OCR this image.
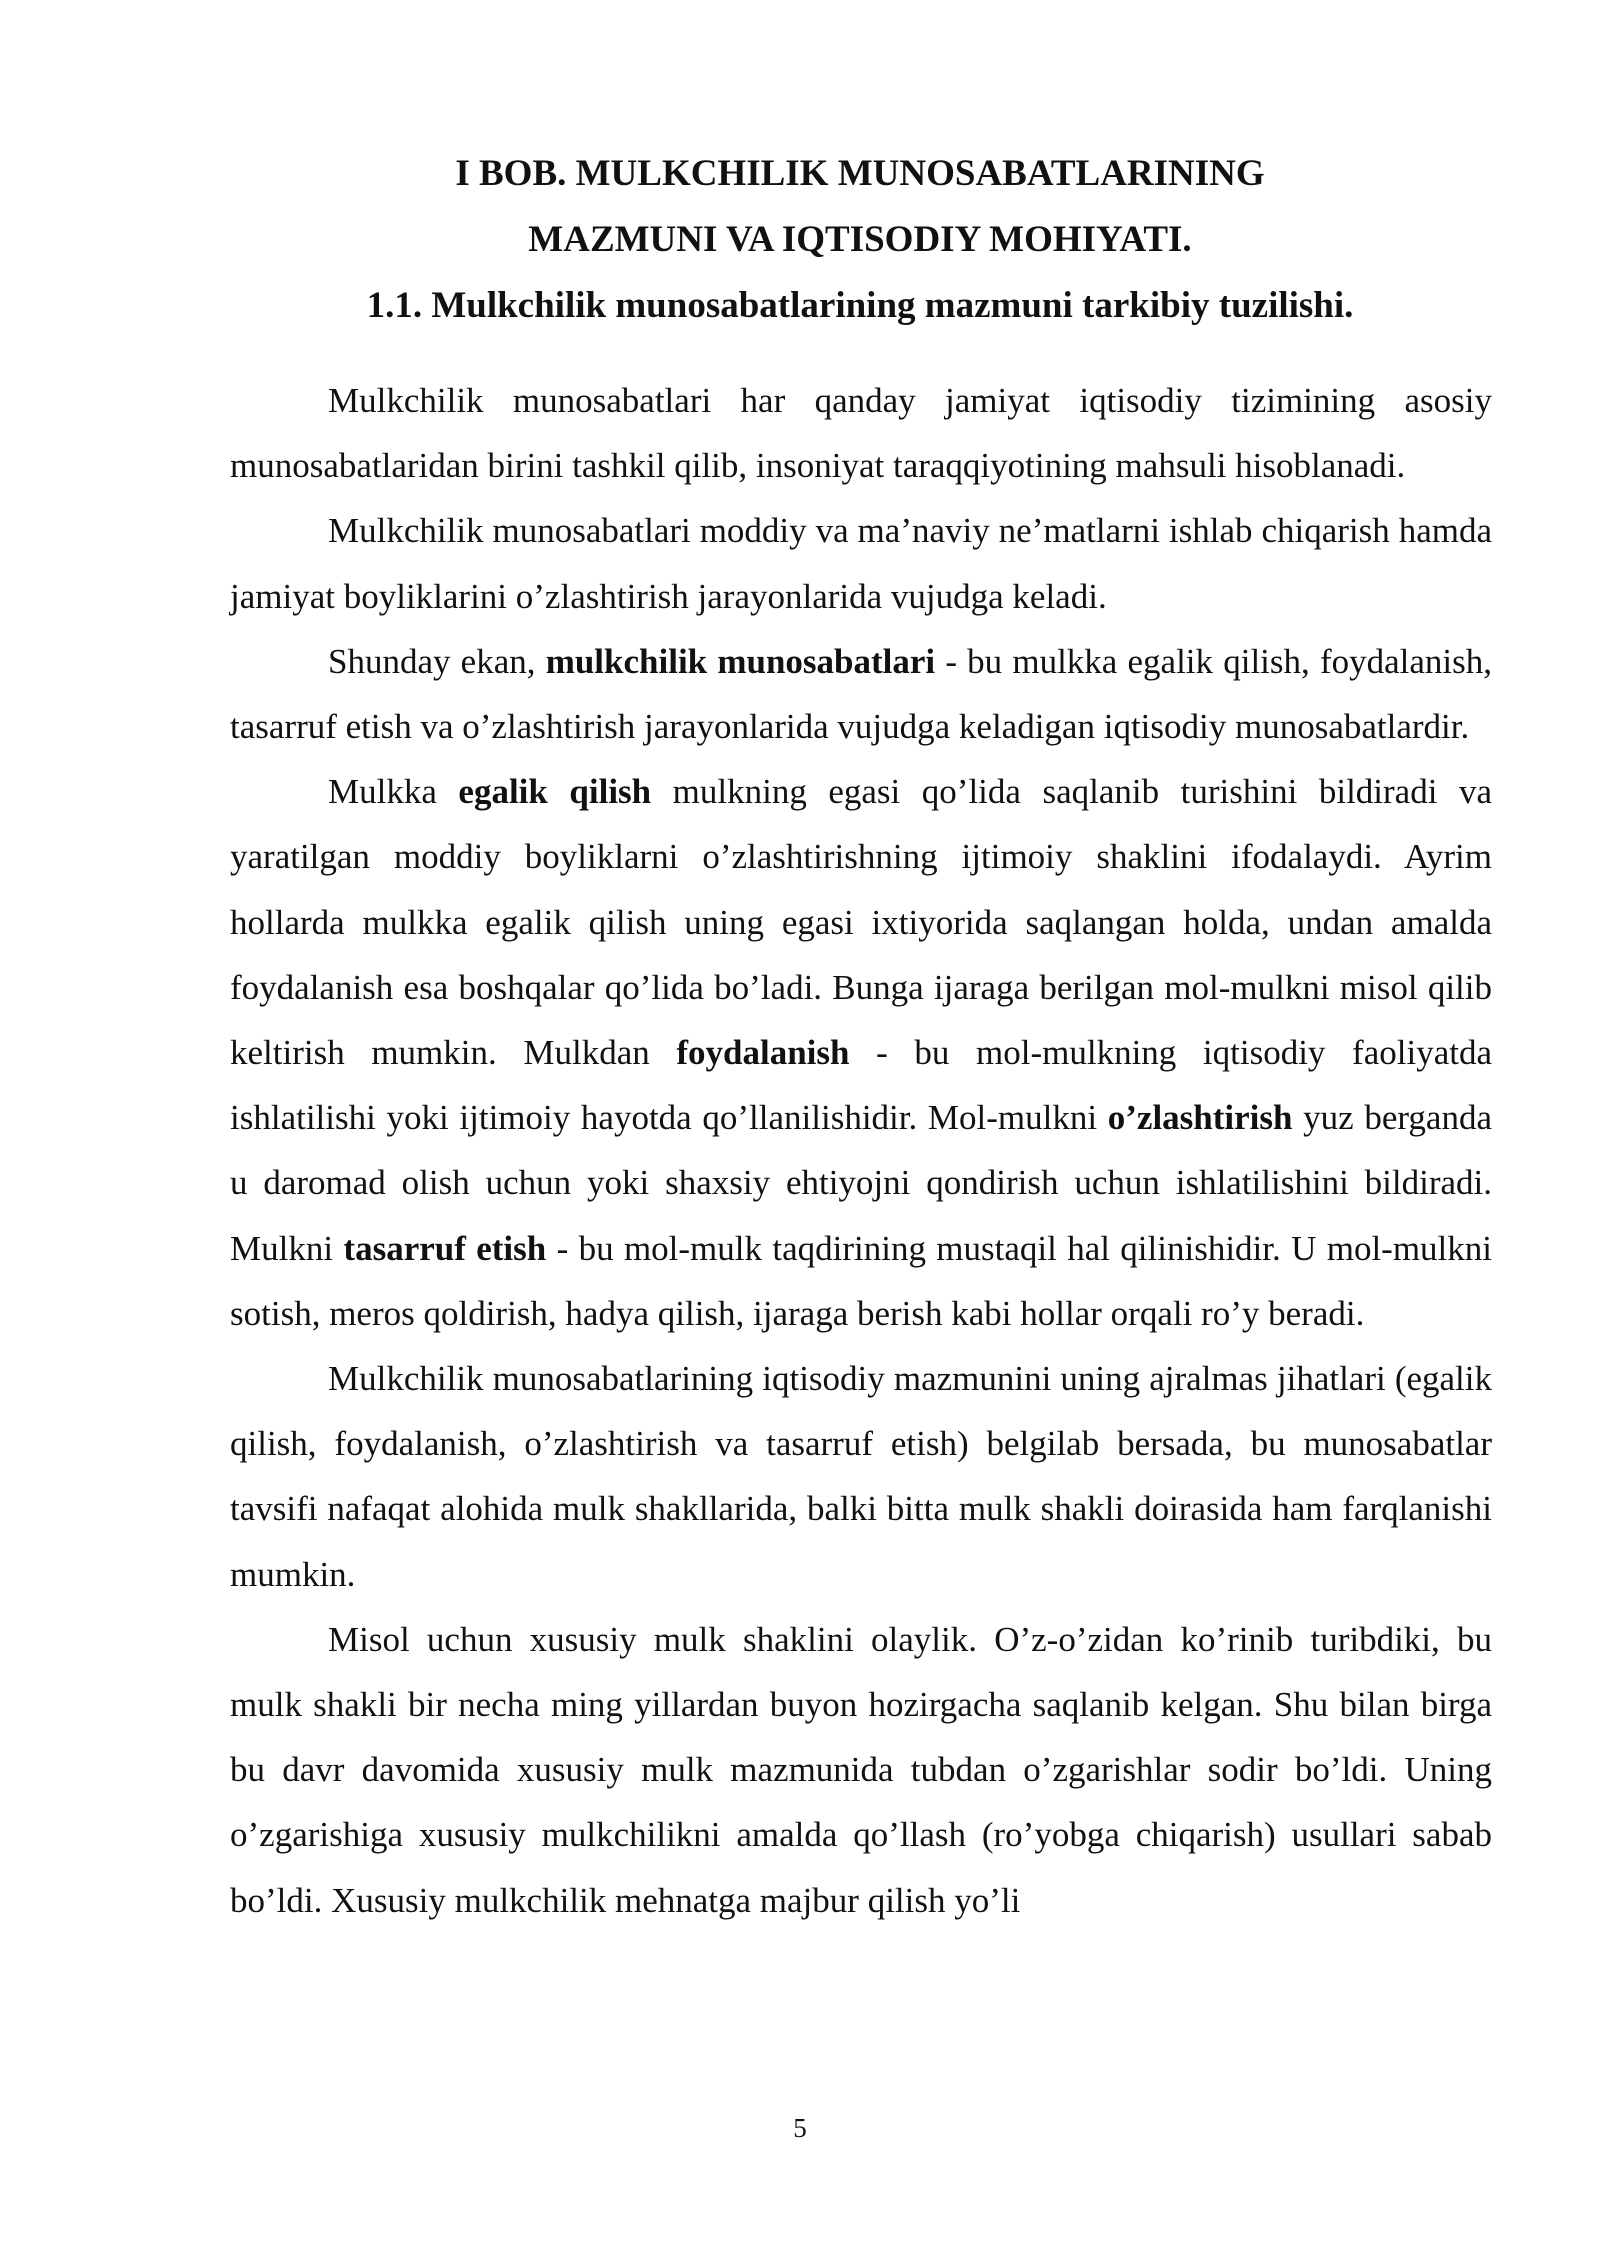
I BOB. MULKCHILIK MUNOSABATLARINING
MAZMUNI VA IQTISODIY MOHIYATI.
1.1. Mulkchilik munosabatlarining mazmuni tarkibiy tuzilishi.

Mulkchilik munosabatlari har qanday jamiyat iqtisodiy tizimining asosiy munosabatlaridan birini tashkil qilib, insoniyat taraqqiyotining mahsuli hisoblanadi.

Mulkchilik munosabatlari moddiy va ma’naviy ne’matlarni ishlab chiqarish hamda jamiyat boyliklarini o’zlashtirish jarayonlarida vujudga keladi.

Shunday ekan, mulkchilik munosabatlari - bu mulkka egalik qilish, foydalanish, tasarruf etish va o’zlashtirish jarayonlarida vujudga keladigan iqtisodiy munosabatlardir.

Mulkka egalik qilish mulkning egasi qo’lida saqlanib turishini bildiradi va yaratilgan moddiy boyliklarni o’zlashtirishning ijtimoiy shaklini ifodalaydi. Ayrim hollarda mulkka egalik qilish uning egasi ixtiyorida saqlangan holda, undan amalda foydalanish esa boshqalar qo’lida bo’ladi. Bunga ijaraga berilgan mol-mulkni misol qilib keltirish mumkin. Mulkdan foydalanish - bu mol-mulkning iqtisodiy faoliyatda ishlatilishi yoki ijtimoiy hayotda qo’llanilishidir. Mol-mulkni o’zlashtirish yuz berganda u daromad olish uchun yoki shaxsiy ehtiyojni qondirish uchun ishlatilishini bildiradi. Mulkni tasarruf etish - bu mol-mulk taqdirining mustaqil hal qilinishidir. U mol-mulkni sotish, meros qoldirish, hadya qilish, ijaraga berish kabi hollar orqali ro’y beradi.

Mulkchilik munosabatlarining iqtisodiy mazmunini uning ajralmas jihatlari (egalik qilish, foydalanish, o’zlashtirish va tasarruf etish) belgilab bersada, bu munosabatlar tavsifi nafaqat alohida mulk shakllarida, balki bitta mulk shakli doirasida ham farqlanishi mumkin.

Misol uchun xususiy mulk shaklini olaylik. O’z-o’zidan ko’rinib turibdiki, bu mulk shakli bir necha ming yillardan buyon hozirgacha saqlanib kelgan. Shu bilan birga bu davr davomida xususiy mulk mazmunida tubdan o’zgarishlar sodir bo’ldi. Uning o’zgarishiga xususiy mulkchilikni amalda qo’llash (ro’yobga chiqarish) usullari sabab bo’ldi. Xususiy mulkchilik mehnatga majbur qilish yo’li

5
